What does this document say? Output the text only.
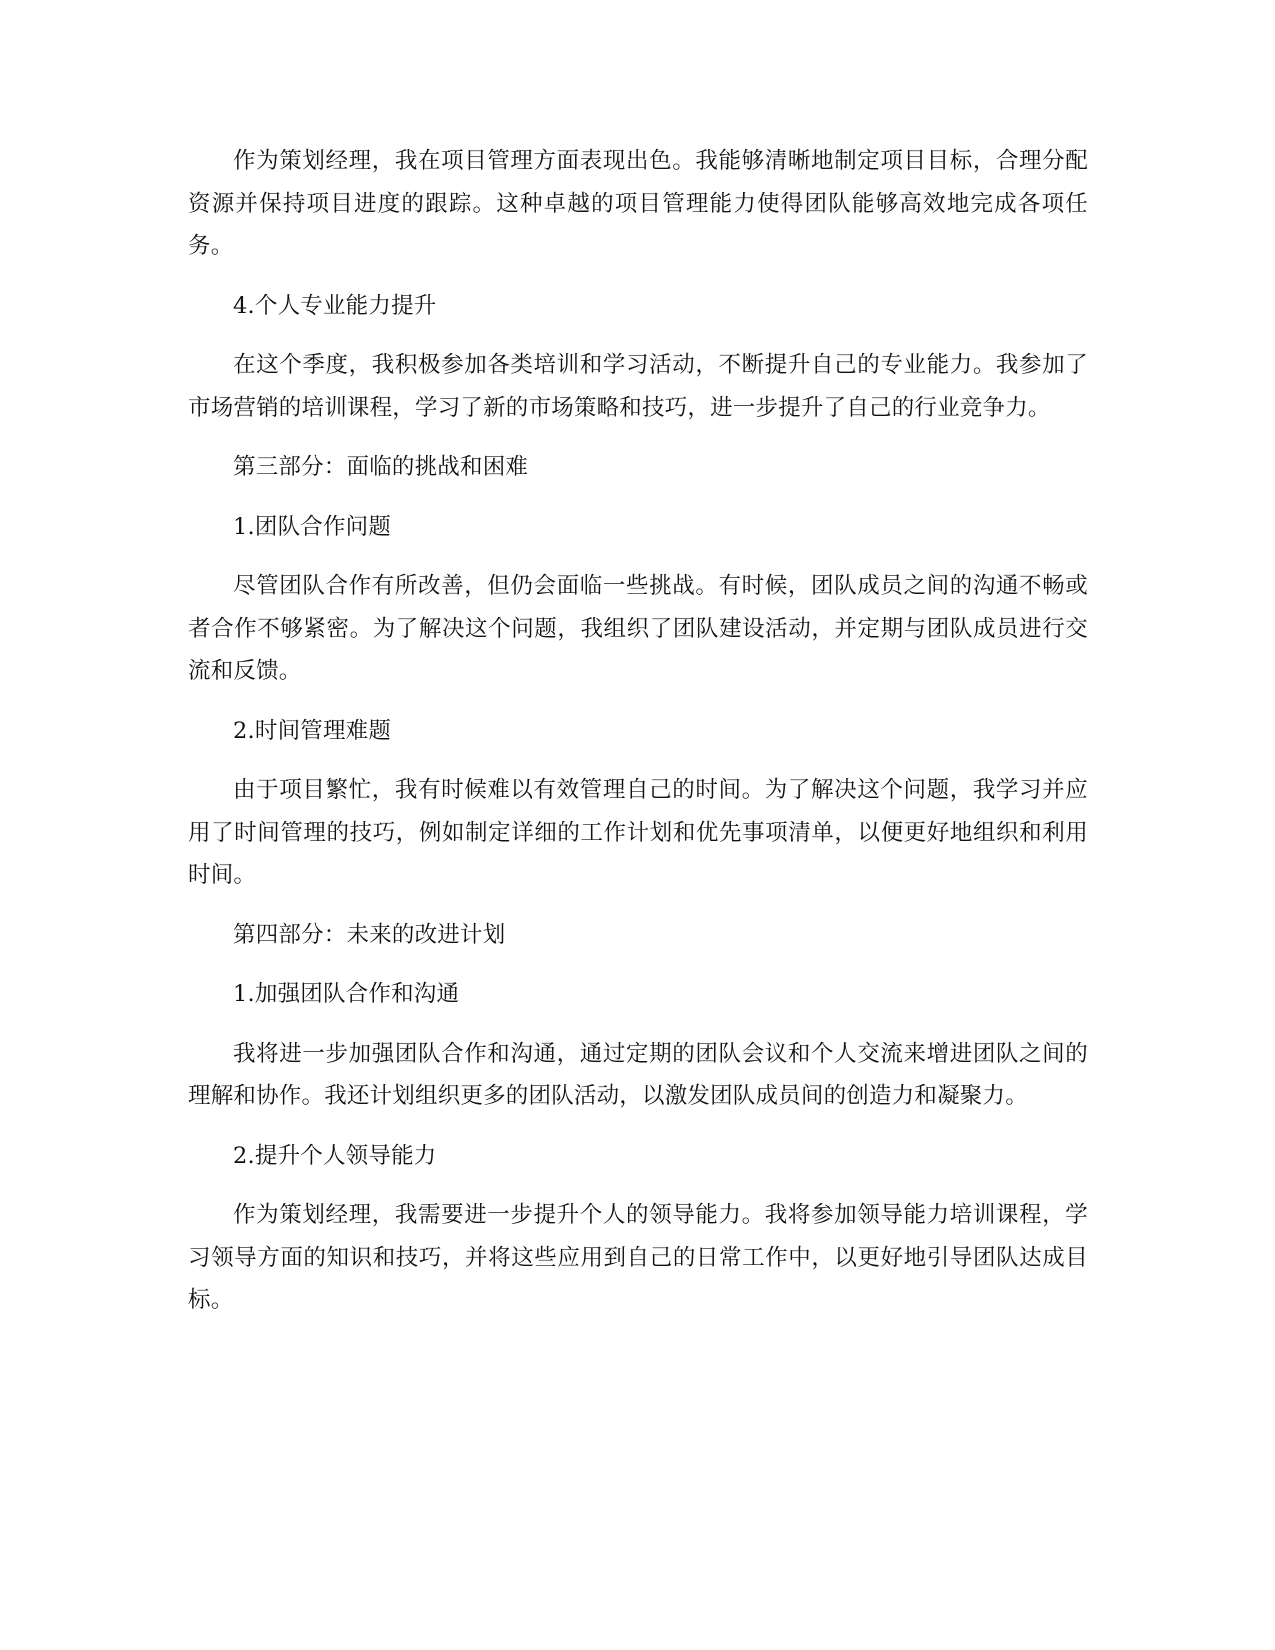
作为策划经理，我在项目管理方面表现出色。我能够清晰地制定项目目标，合理分配资源并保持项目进度的跟踪。这种卓越的项目管理能力使得团队能够高效地完成各项任务。

4.个人专业能力提升

在这个季度，我积极参加各类培训和学习活动，不断提升自己的专业能力。我参加了市场营销的培训课程，学习了新的市场策略和技巧，进一步提升了自己的行业竞争力。

第三部分：面临的挑战和困难

1.团队合作问题

尽管团队合作有所改善，但仍会面临一些挑战。有时候，团队成员之间的沟通不畅或者合作不够紧密。为了解决这个问题，我组织了团队建设活动，并定期与团队成员进行交流和反馈。

2.时间管理难题

由于项目繁忙，我有时候难以有效管理自己的时间。为了解决这个问题，我学习并应用了时间管理的技巧，例如制定详细的工作计划和优先事项清单，以便更好地组织和利用时间。

第四部分：未来的改进计划

1.加强团队合作和沟通

我将进一步加强团队合作和沟通，通过定期的团队会议和个人交流来增进团队之间的理解和协作。我还计划组织更多的团队活动，以激发团队成员间的创造力和凝聚力。

2.提升个人领导能力

作为策划经理，我需要进一步提升个人的领导能力。我将参加领导能力培训课程，学习领导方面的知识和技巧，并将这些应用到自己的日常工作中，以更好地引导团队达成目标。
